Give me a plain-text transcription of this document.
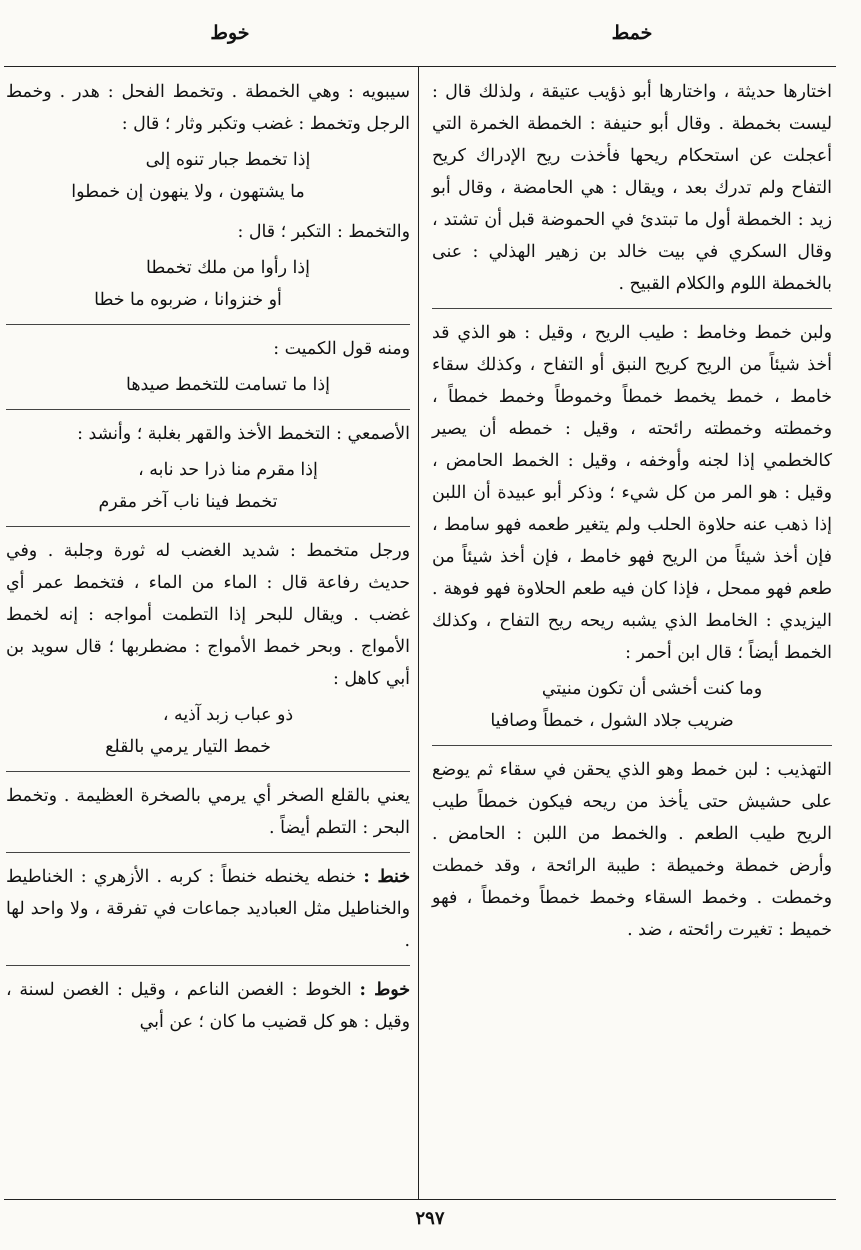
خمط
خوط

اختارها حديثة ، واختارها أبو ذؤيب عتيقة ، ولذلك قال : ليست بخمطة . وقال أبو حنيفة : الخمطة الخمرة التي أعجلت عن استحكام ريحها فأخذت ريح الإدراك كريح التفاح ولم تدرك بعد ، ويقال : هي الحامضة ، وقال أبو زيد : الخمطة أول ما تبتدئ في الحموضة قبل أن تشتد ، وقال السكري في بيت خالد بن زهير الهذلي : عنى بالخمطة اللوم والكلام القبيح .

ولبن خمط وخامط : طيب الريح ، وقيل : هو الذي قد أخذ شيئاً من الريح كريح النبق أو التفاح ، وكذلك سقاء خامط ، خمط يخمط خمطاً وخموطاً وخمط خمطاً ، وخمطته وخمطته رائحته ، وقيل : خمطه أن يصير كالخطمي إذا لجنه وأوخفه ، وقيل : الخمط الحامض ، وقيل : هو المر من كل شيء ؛ وذكر أبو عبيدة أن اللبن إذا ذهب عنه حلاوة الحلب ولم يتغير طعمه فهو سامط ، فإن أخذ شيئاً من الريح فهو خامط ، فإن أخذ شيئاً من طعم فهو ممحل ، فإذا كان فيه طعم الحلاوة فهو فوهة . اليزيدي : الخامط الذي يشبه ريحه ريح التفاح ، وكذلك الخمط أيضاً ؛ قال ابن أحمر :

وما كنت أخشى أن تكون منيتي
ضريب جلاد الشول ، خمطاً وصافيا

التهذيب : لبن خمط وهو الذي يحقن في سقاء ثم يوضع على حشيش حتى يأخذ من ريحه فيكون خمطاً طيب الريح طيب الطعم . والخمط من اللبن : الحامض . وأرض خمطة وخميطة : طيبة الرائحة ، وقد خمطت وخمطت . وخمط السقاء وخمط خمطاً وخمطاً ، فهو خميط : تغيرت رائحته ، ضد .

سيبويه : وهي الخمطة . وتخمط الفحل : هدر . وخمط الرجل وتخمط : غضب وتكبر وثار ؛ قال :

إذا تخمط جبار تنوه إلى
ما يشتهون ، ولا ينهون إن خمطوا

والتخمط : التكبر ؛ قال :

إذا رأوا من ملك تخمطا
أو خنزوانا ، ضربوه ما خطا

ومنه قول الكميت :

إذا ما تسامت للتخمط صيدها

الأصمعي : التخمط الأخذ والقهر بغلبة ؛ وأنشد :

إذا مقرم منا ذرا حد نابه ،
تخمط فينا ناب آخر مقرم

ورجل متخمط : شديد الغضب له ثورة وجلبة . وفي حديث رفاعة قال : الماء من الماء ، فتخمط عمر أي غضب . ويقال للبحر إذا التطمت أمواجه : إنه لخمط الأمواج . وبحر خمط الأمواج : مضطربها ؛ قال سويد بن أبي كاهل :

ذو عباب زبد آذيه ،
خمط التيار يرمي بالقلع

يعني بالقلع الصخر أي يرمي بالصخرة العظيمة . وتخمط البحر : التطم أيضاً .

خنط : خنطه يخنطه خنطاً : كربه . الأزهري : الخناطيط والخناطيل مثل العباديد جماعات في تفرقة ، ولا واحد لها .

خوط : الخوط : الغصن الناعم ، وقيل : الغصن لسنة ، وقيل : هو كل قضيب ما كان ؛ عن أبي

٢٩٧
